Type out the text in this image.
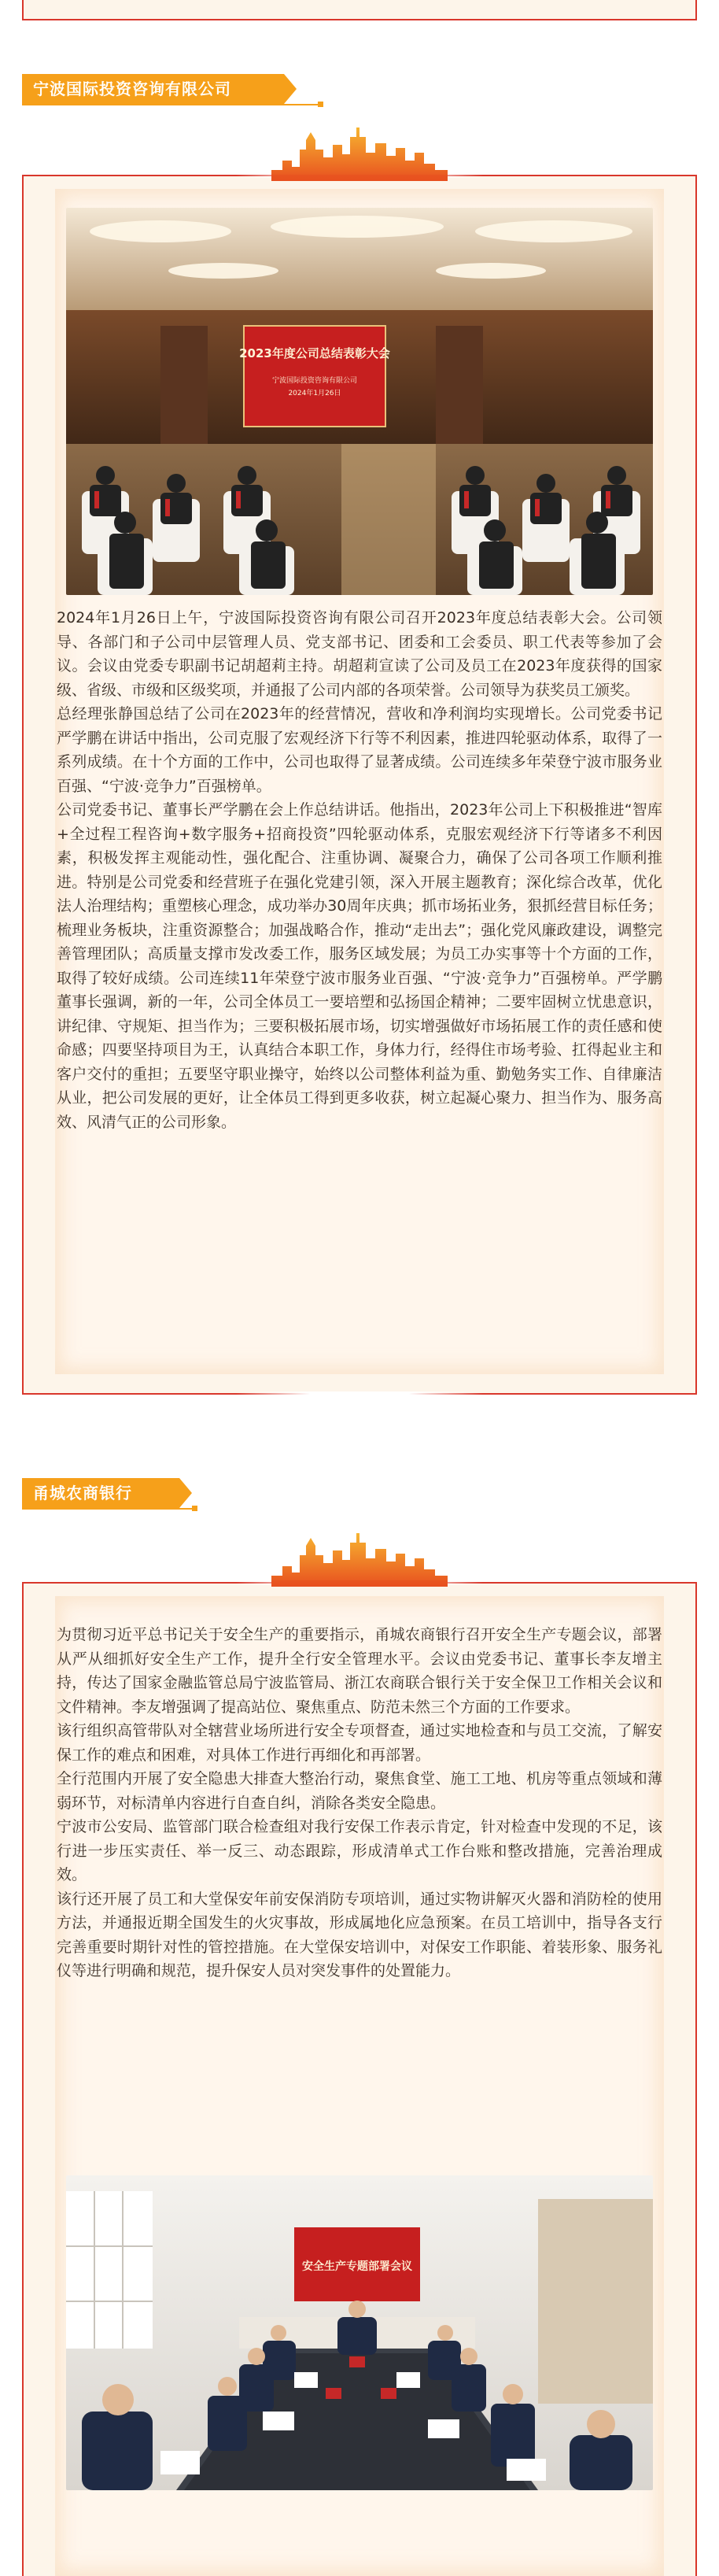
宁波国际投资咨询有限公司
2023年度公司总结表彰大会
宁波国际投资咨询有限公司
2024年1月26日

2024年1月26日上午，宁波国际投资咨询有限公司召开2023年度总结表彰大会。公司领导、各部门和子公司中层管理人员、党支部书记、团委和工会委员、职工代表等参加了会议。会议由党委专职副书记胡超莉主持。胡超莉宣读了公司及员工在2023年度获得的国家级、省级、市级和区级奖项，并通报了公司内部的各项荣誉。公司领导为获奖员工颁奖。

总经理张静国总结了公司在2023年的经营情况，营收和净利润均实现增长。公司党委书记严学鹏在讲话中指出，公司克服了宏观经济下行等不利因素，推进四轮驱动体系，取得了一系列成绩。在十个方面的工作中，公司也取得了显著成绩。公司连续多年荣登宁波市服务业百强、“宁波·竞争力”百强榜单。

公司党委书记、董事长严学鹏在会上作总结讲话。他指出，2023年公司上下积极推进“智库+全过程工程咨询+数字服务+招商投资”四轮驱动体系，克服宏观经济下行等诸多不利因素，积极发挥主观能动性，强化配合、注重协调、凝聚合力，确保了公司各项工作顺利推进。特别是公司党委和经营班子在强化党建引领，深入开展主题教育；深化综合改革，优化法人治理结构；重塑核心理念，成功举办30周年庆典；抓市场拓业务，狠抓经营目标任务；梳理业务板块，注重资源整合；加强战略合作，推动“走出去”；强化党风廉政建设，调整完善管理团队；高质量支撑市发改委工作，服务区域发展；为员工办实事等十个方面的工作，取得了较好成绩。公司连续11年荣登宁波市服务业百强、“宁波·竞争力”百强榜单。严学鹏董事长强调，新的一年，公司全体员工一要培塑和弘扬国企精神；二要牢固树立忧患意识，讲纪律、守规矩、担当作为；三要积极拓展市场，切实增强做好市场拓展工作的责任感和使命感；四要坚持项目为王，认真结合本职工作，身体力行，经得住市场考验、扛得起业主和客户交付的重担；五要坚守职业操守，始终以公司整体利益为重、勤勉务实工作、自律廉洁从业，把公司发展的更好，让全体员工得到更多收获，树立起凝心聚力、担当作为、服务高效、风清气正的公司形象。

甬城农商银行

为贯彻习近平总书记关于安全生产的重要指示，甬城农商银行召开安全生产专题会议，部署从严从细抓好安全生产工作，提升全行安全管理水平。会议由党委书记、董事长李友增主持，传达了国家金融监管总局宁波监管局、浙江农商联合银行关于安全保卫工作相关会议和文件精神。李友增强调了提高站位、聚焦重点、防范未然三个方面的工作要求。

该行组织高管带队对全辖营业场所进行安全专项督查，通过实地检查和与员工交流，了解安保工作的难点和困难，对具体工作进行再细化和再部署。

全行范围内开展了安全隐患大排查大整治行动，聚焦食堂、施工工地、机房等重点领域和薄弱环节，对标清单内容进行自查自纠，消除各类安全隐患。

宁波市公安局、监管部门联合检查组对我行安保工作表示肯定，针对检查中发现的不足，该行进一步压实责任、举一反三、动态跟踪，形成清单式工作台账和整改措施，完善治理成效。

该行还开展了员工和大堂保安年前安保消防专项培训，通过实物讲解灭火器和消防栓的使用方法，并通报近期全国发生的火灾事故，形成属地化应急预案。在员工培训中，指导各支行完善重要时期针对性的管控措施。在大堂保安培训中，对保安工作职能、着装形象、服务礼仪等进行明确和规范，提升保安人员对突发事件的处置能力。

安全生产专题部署会议
